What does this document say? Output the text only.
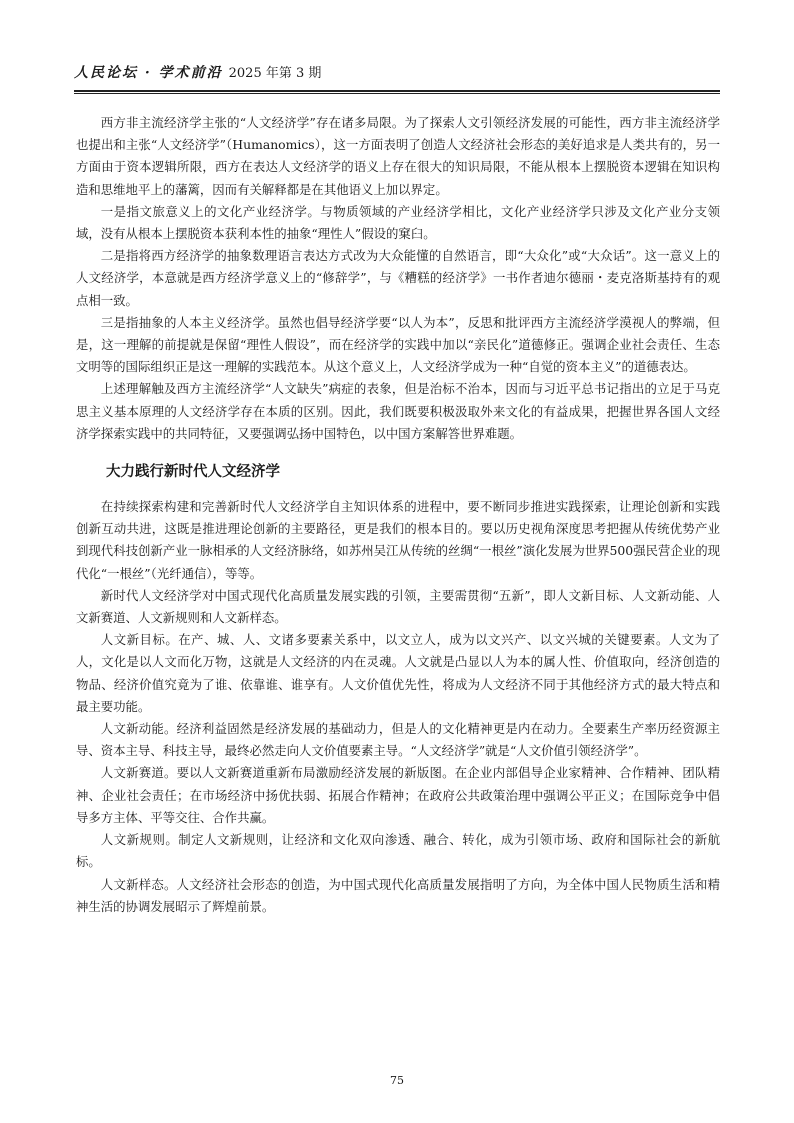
人民论坛 · 学术前沿 2025 年第 3 期

西方非主流经济学主张的“人文经济学”存在诸多局限。为了探索人文引领经济发展的可能性，西方非主流经济学也提出和主张“人文经济学”（Humanomics），这一方面表明了创造人文经济社会形态的美好追求是人类共有的，另一方面由于资本逻辑所限，西方在表达人文经济学的语义上存在很大的知识局限，不能从根本上摆脱资本逻辑在知识构造和思维地平上的藩篱，因而有关解释都是在其他语义上加以界定。

一是指文旅意义上的文化产业经济学。与物质领域的产业经济学相比，文化产业经济学只涉及文化产业分支领域，没有从根本上摆脱资本获利本性的抽象“理性人”假设的窠臼。

二是指将西方经济学的抽象数理语言表达方式改为大众能懂的自然语言，即“大众化”或“大众话”。这一意义上的人文经济学，本意就是西方经济学意义上的“修辞学”，与《糟糕的经济学》一书作者迪尔德丽・麦克洛斯基持有的观点相一致。

三是指抽象的人本主义经济学。虽然也倡导经济学要“以人为本”，反思和批评西方主流经济学漠视人的弊端，但是，这一理解的前提就是保留“理性人假设”，而在经济学的实践中加以“亲民化”道德修正。强调企业社会责任、生态文明等的国际组织正是这一理解的实践范本。从这个意义上，人文经济学成为一种“自觉的资本主义”的道德表达。

上述理解触及西方主流经济学“人文缺失”病症的表象，但是治标不治本，因而与习近平总书记指出的立足于马克思主义基本原理的人文经济学存在本质的区别。因此，我们既要积极汲取外来文化的有益成果，把握世界各国人文经济学探索实践中的共同特征，又要强调弘扬中国特色，以中国方案解答世界难题。

大力践行新时代人文经济学

在持续探索构建和完善新时代人文经济学自主知识体系的进程中，要不断同步推进实践探索，让理论创新和实践创新互动共进，这既是推进理论创新的主要路径，更是我们的根本目的。要以历史视角深度思考把握从传统优势产业到现代科技创新产业一脉相承的人文经济脉络，如苏州吴江从传统的丝绸“一根丝”演化发展为世界500强民营企业的现代化“一根丝”（光纤通信），等等。

新时代人文经济学对中国式现代化高质量发展实践的引领，主要需贯彻“五新”，即人文新目标、人文新动能、人文新赛道、人文新规则和人文新样态。

人文新目标。在产、城、人、文诸多要素关系中，以文立人，成为以文兴产、以文兴城的关键要素。人文为了人，文化是以人文而化万物，这就是人文经济的内在灵魂。人文就是凸显以人为本的属人性、价值取向，经济创造的物品、经济价值究竟为了谁、依靠谁、谁享有。人文价值优先性，将成为人文经济不同于其他经济方式的最大特点和最主要功能。

人文新动能。经济利益固然是经济发展的基础动力，但是人的文化精神更是内在动力。全要素生产率历经资源主导、资本主导、科技主导，最终必然走向人文价值要素主导。“人文经济学”就是“人文价值引领经济学”。

人文新赛道。要以人文新赛道重新布局激励经济发展的新版图。在企业内部倡导企业家精神、合作精神、团队精神、企业社会责任；在市场经济中扬优扶弱、拓展合作精神；在政府公共政策治理中强调公平正义；在国际竞争中倡导多方主体、平等交往、合作共赢。

人文新规则。制定人文新规则，让经济和文化双向渗透、融合、转化，成为引领市场、政府和国际社会的新航标。

人文新样态。人文经济社会形态的创造，为中国式现代化高质量发展指明了方向，为全体中国人民物质生活和精神生活的协调发展昭示了辉煌前景。

75
